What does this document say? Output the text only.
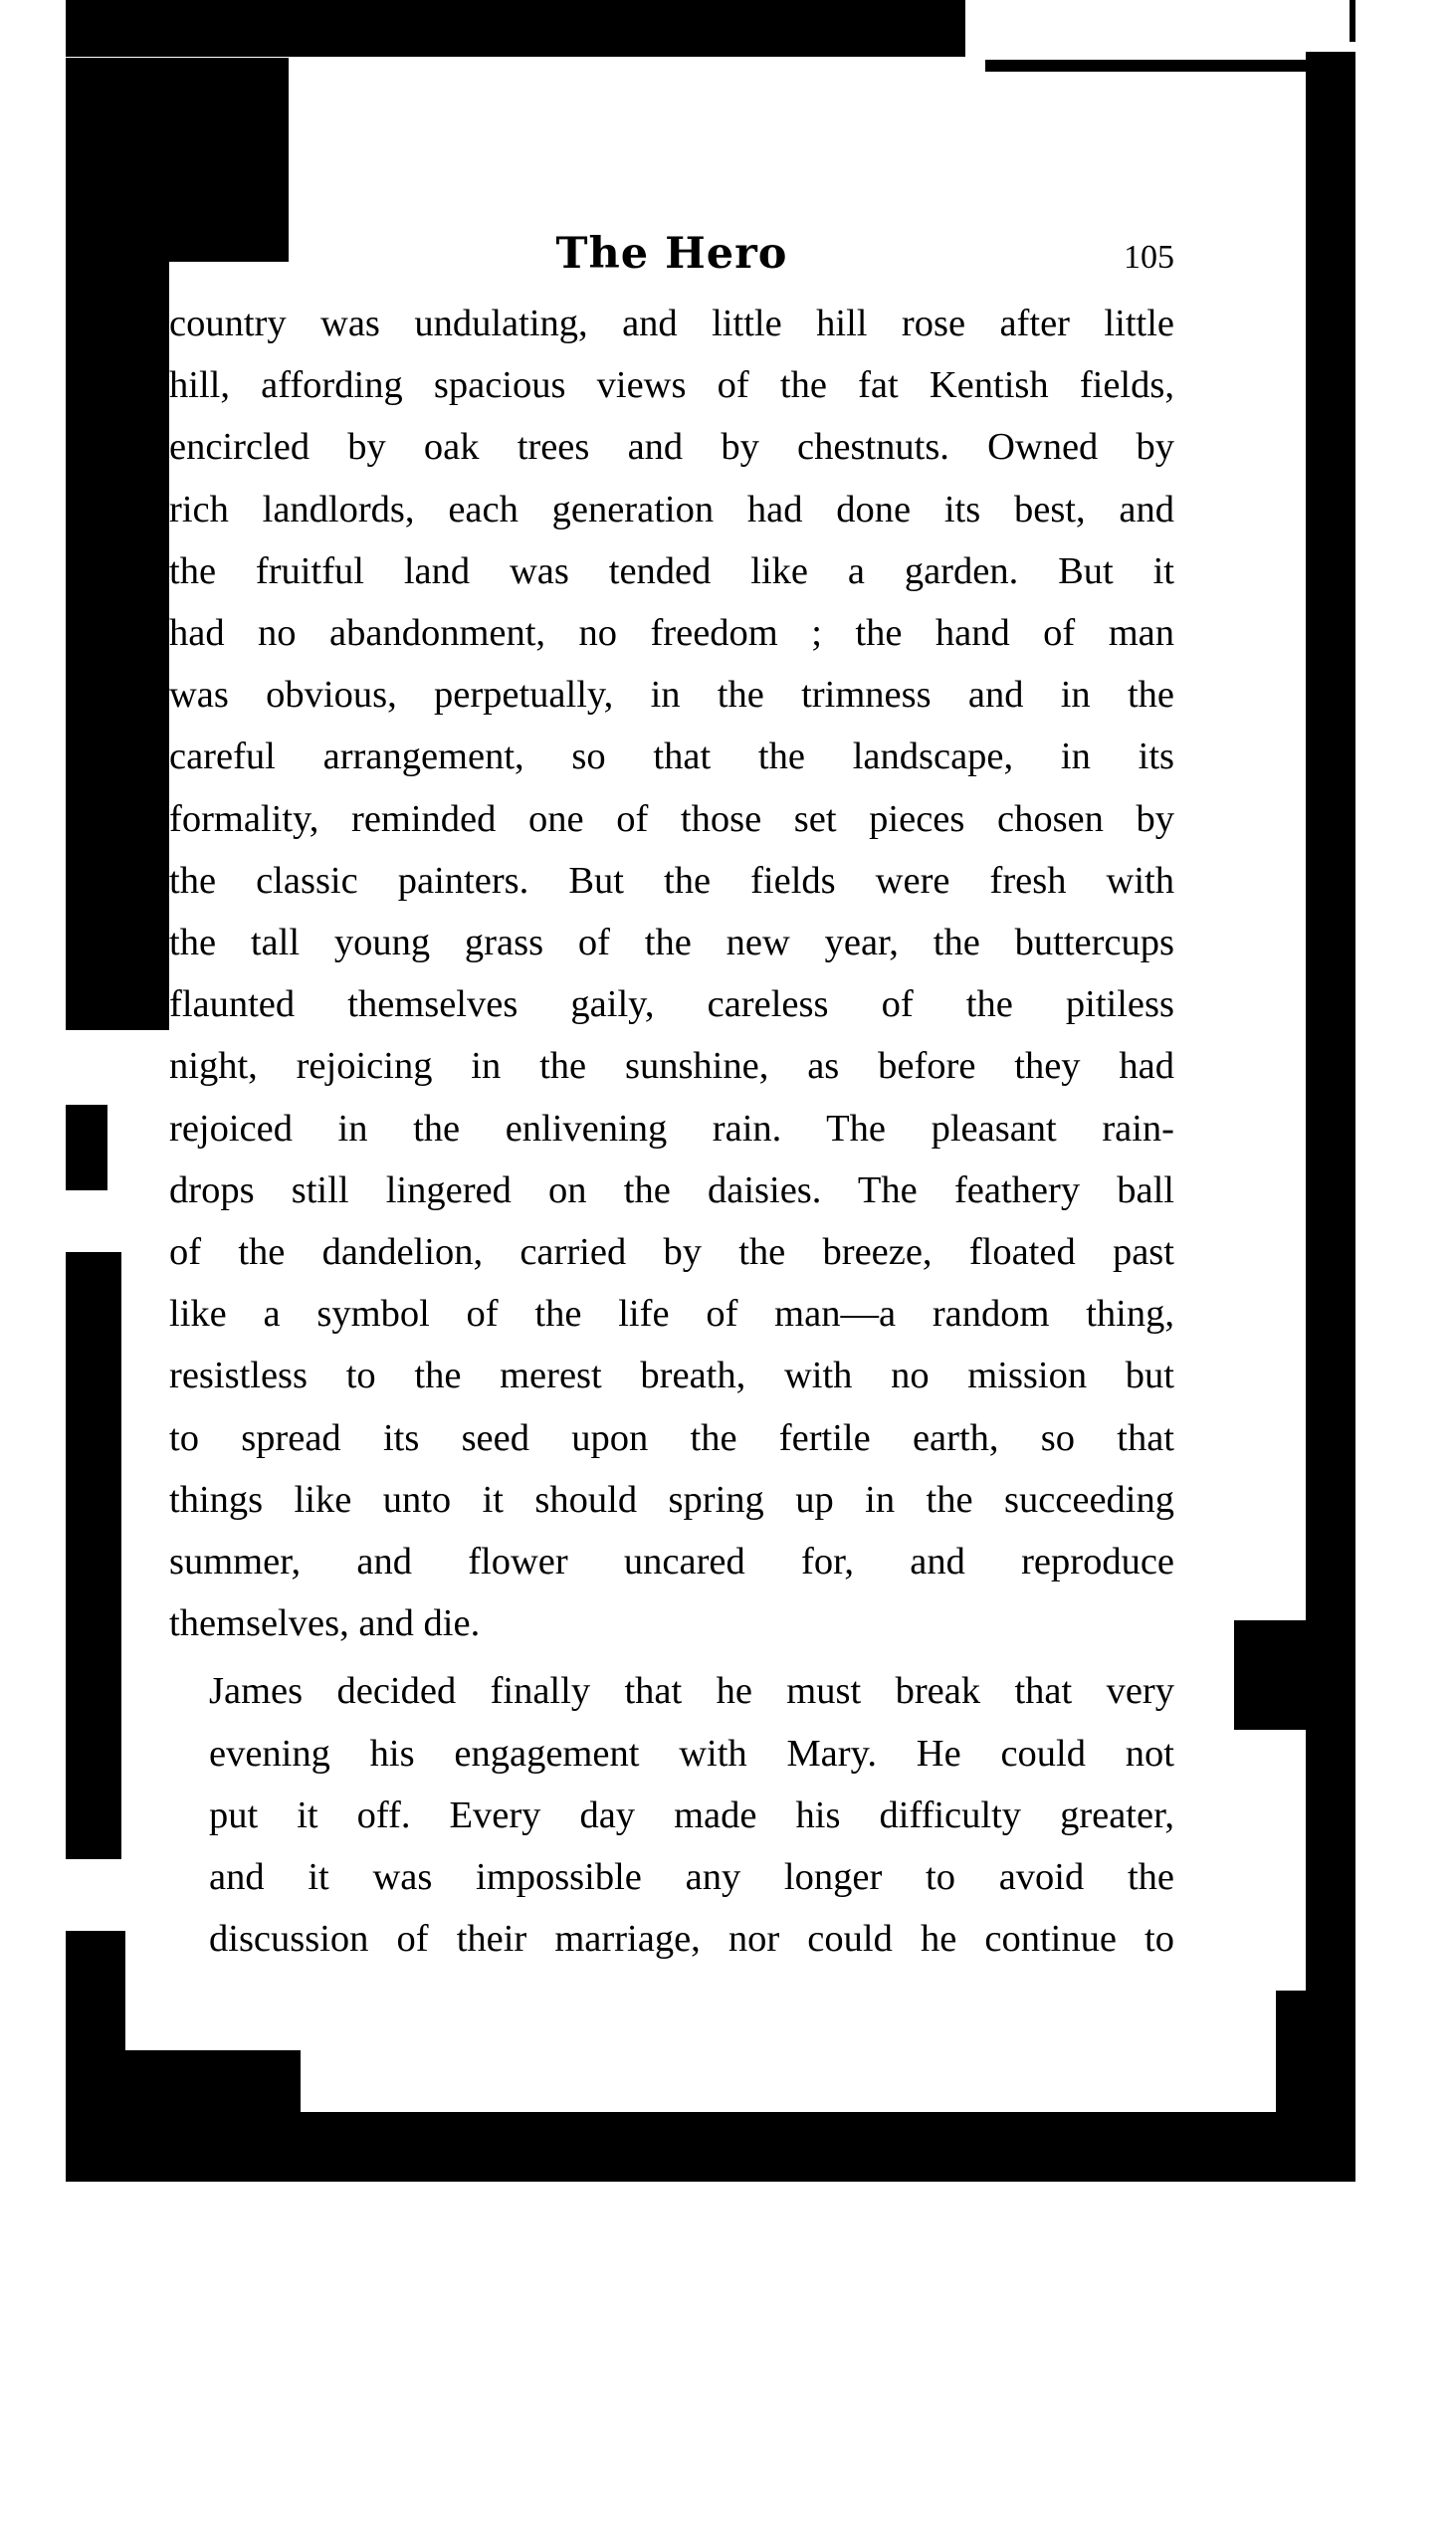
The Hero	105

country was undulating, and little hill rose after little
hill, affording spacious views of the fat Kentish fields,
encircled by oak trees and by chestnuts. Owned by
rich landlords, each generation had done its best, and
the fruitful land was tended like a garden. But it
had no abandonment, no freedom ; the hand of man
was obvious, perpetually, in the trimness and in the
careful arrangement, so that the landscape, in its
formality, reminded one of those set pieces chosen by
the classic painters. But the fields were fresh with
the tall young grass of the new year, the buttercups
flaunted themselves gaily, careless of the pitiless
night, rejoicing in the sunshine, as before they had
rejoiced in the enlivening rain. The pleasant rain-
drops still lingered on the daisies. The feathery ball
of the dandelion, carried by the breeze, floated past
like a symbol of the life of man—a random thing,
resistless to the merest breath, with no mission but
to spread its seed upon the fertile earth, so that
things like unto it should spring up in the succeeding
summer, and flower uncared for, and reproduce
themselves, and die.

James decided finally that he must break that very
evening his engagement with Mary. He could not
put it off. Every day made his difficulty greater,
and it was impossible any longer to avoid the
discussion of their marriage, nor could he continue to
